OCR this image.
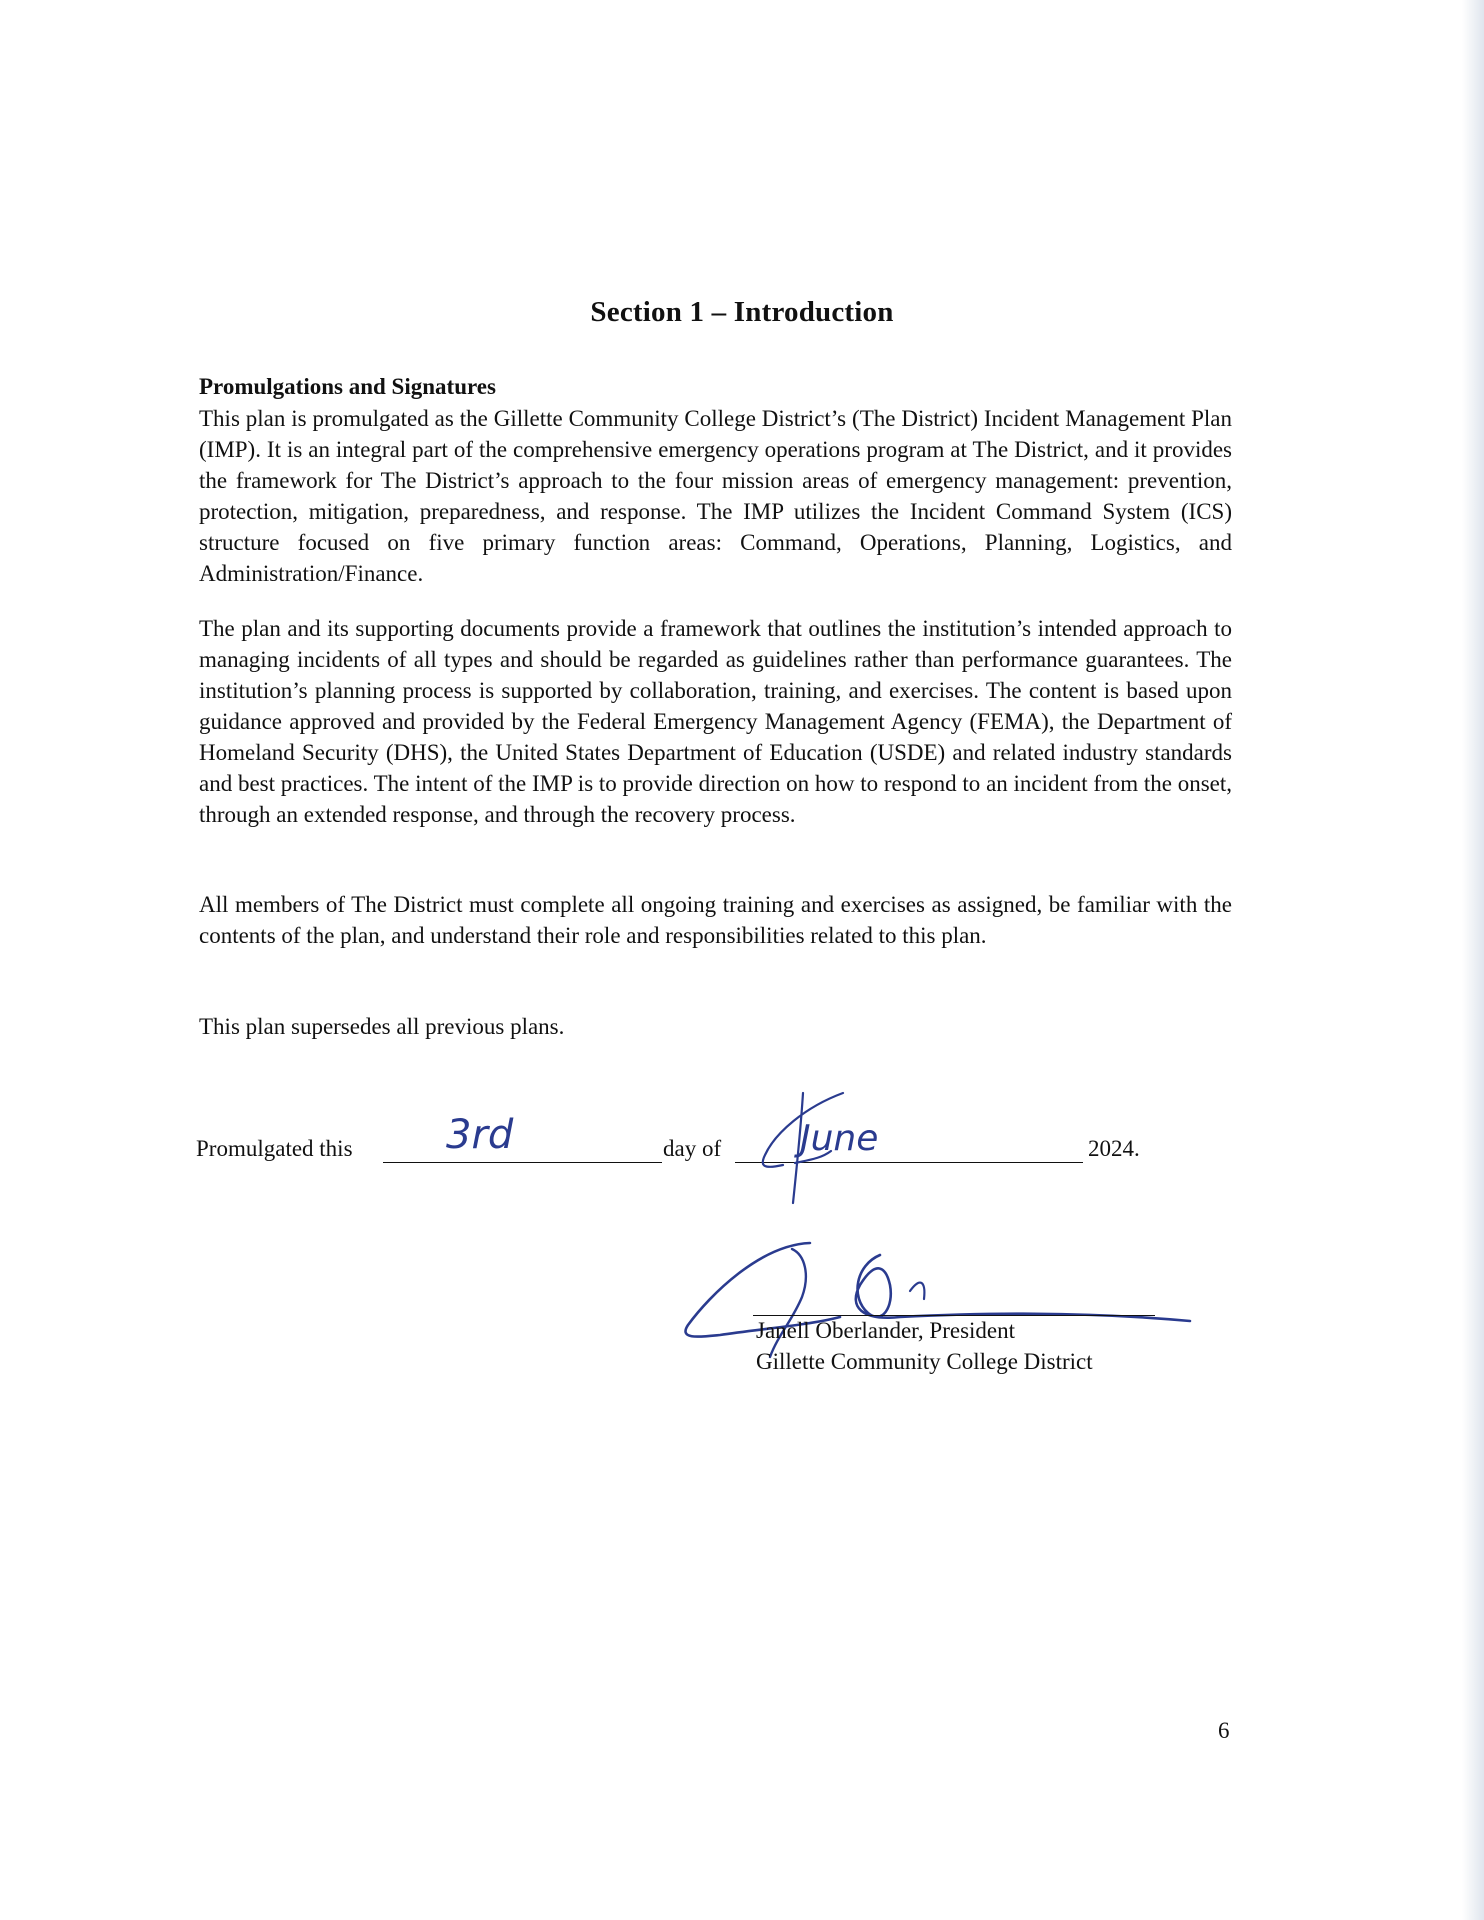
Section 1 – Introduction
Promulgations and Signatures

This plan is promulgated as the Gillette Community College District’s (The District) Incident Management Plan (IMP). It is an integral part of the comprehensive emergency operations program at The District, and it provides the framework for The District’s approach to the four mission areas of emergency management: prevention, protection, mitigation, preparedness, and response. The IMP utilizes the Incident Command System (ICS) structure focused on five primary function areas: Command, Operations, Planning, Logistics, and Administration/Finance.

The plan and its supporting documents provide a framework that outlines the institution’s intended approach to managing incidents of all types and should be regarded as guidelines rather than performance guarantees. The institution’s planning process is supported by collaboration, training, and exercises. The content is based upon guidance approved and provided by the Federal Emergency Management Agency (FEMA), the Department of Homeland Security (DHS), the United States Department of Education (USDE) and related industry standards and best practices. The intent of the IMP is to provide direction on how to respond to an incident from the onset, through an extended response, and through the recovery process.

All members of The District must complete all ongoing training and exercises as assigned, be familiar with the contents of the plan, and understand their role and responsibilities related to this plan.

This plan supersedes all previous plans.

Promulgated this 3rd	day of June	2024.
Janell Oberlander, President
Gillette Community College District
6
